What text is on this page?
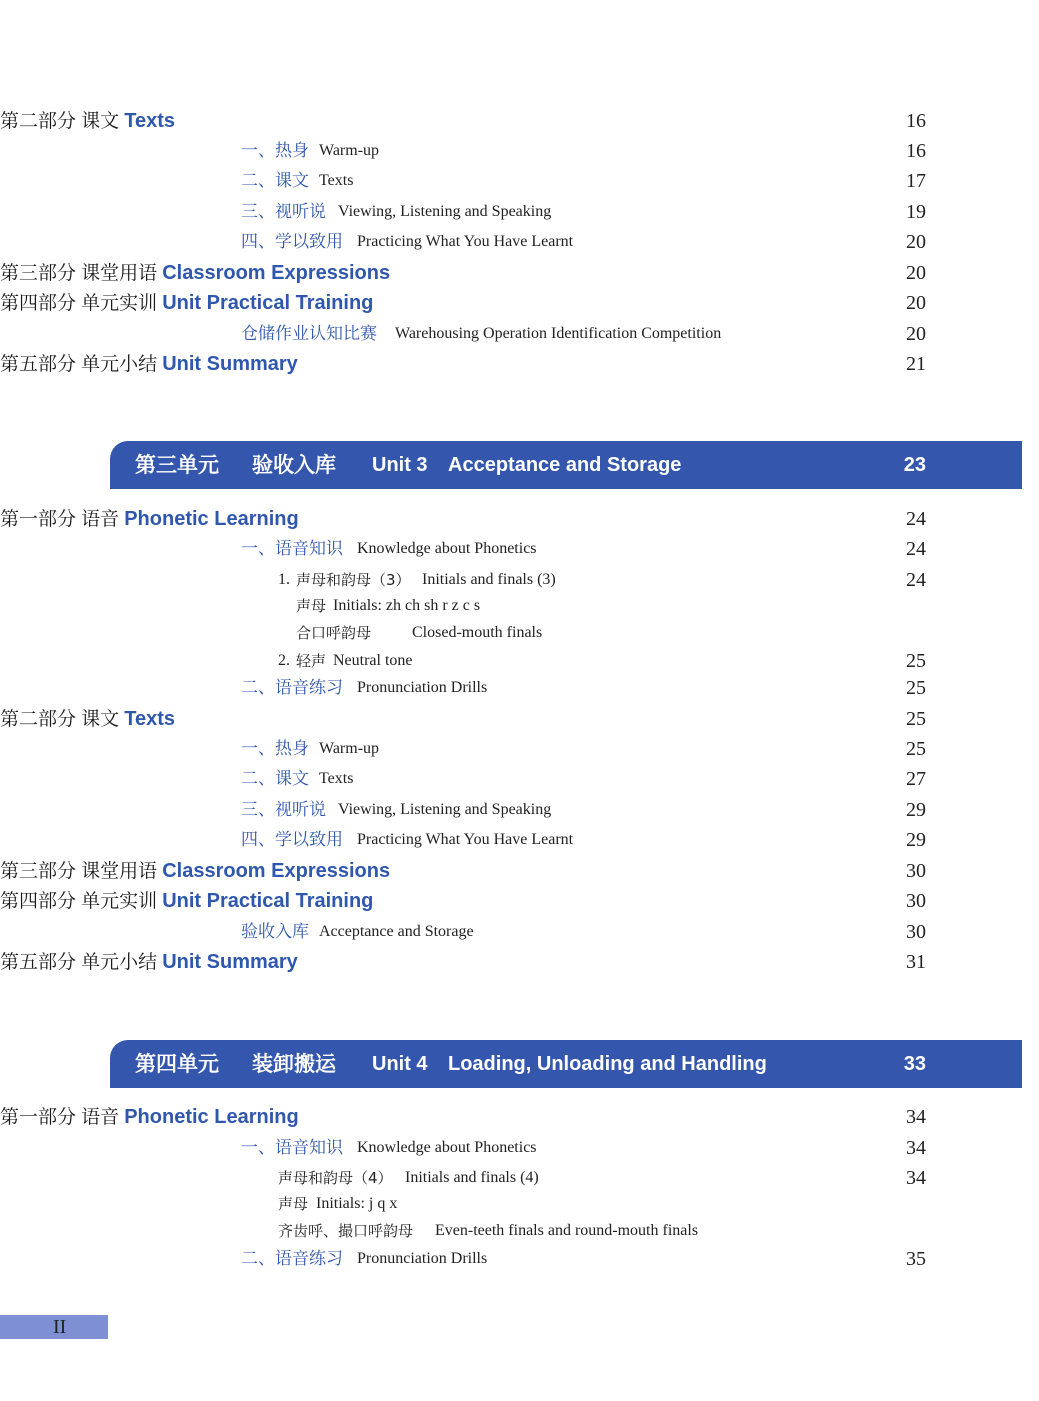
第二部分 课文 Texts	16
一、热身 Warm-up	16
二、课文 Texts	17
三、视听说 Viewing, Listening and Speaking	19
四、学以致用 Practicing What You Have Learnt	20
第三部分 课堂用语 Classroom Expressions	20
第四部分 单元实训 Unit Practical Training	20
仓储作业认知比赛 Warehousing Operation Identification Competition	20
第五部分 单元小结 Unit Summary	21
第三单元 验收入库 Unit 3 Acceptance and Storage	23
第一部分 语音 Phonetic Learning	24
一、语音知识 Knowledge about Phonetics	24
1. 声母和韵母（3） Initials and finals (3)	24
声母 Initials: zh ch sh r z c s
合口呼韵母	Closed-mouth finals
2. 轻声 Neutral tone	25
二、语音练习 Pronunciation Drills	25
第二部分 课文 Texts	25
一、热身 Warm-up	25
二、课文 Texts	27
三、视听说 Viewing, Listening and Speaking	29
四、学以致用 Practicing What You Have Learnt	29
第三部分 课堂用语 Classroom Expressions	30
第四部分 单元实训 Unit Practical Training	30
验收入库 Acceptance and Storage	30
第五部分 单元小结 Unit Summary	31
第四单元 装卸搬运 Unit 4 Loading, Unloading and Handling	33
第一部分 语音 Phonetic Learning	34
一、语音知识 Knowledge about Phonetics	34
声母和韵母（4） Initials and finals (4)	34
声母 Initials: j q x
齐齿呼、撮口呼韵母 Even-teeth finals and round-mouth finals
二、语音练习 Pronunciation Drills	35
II
